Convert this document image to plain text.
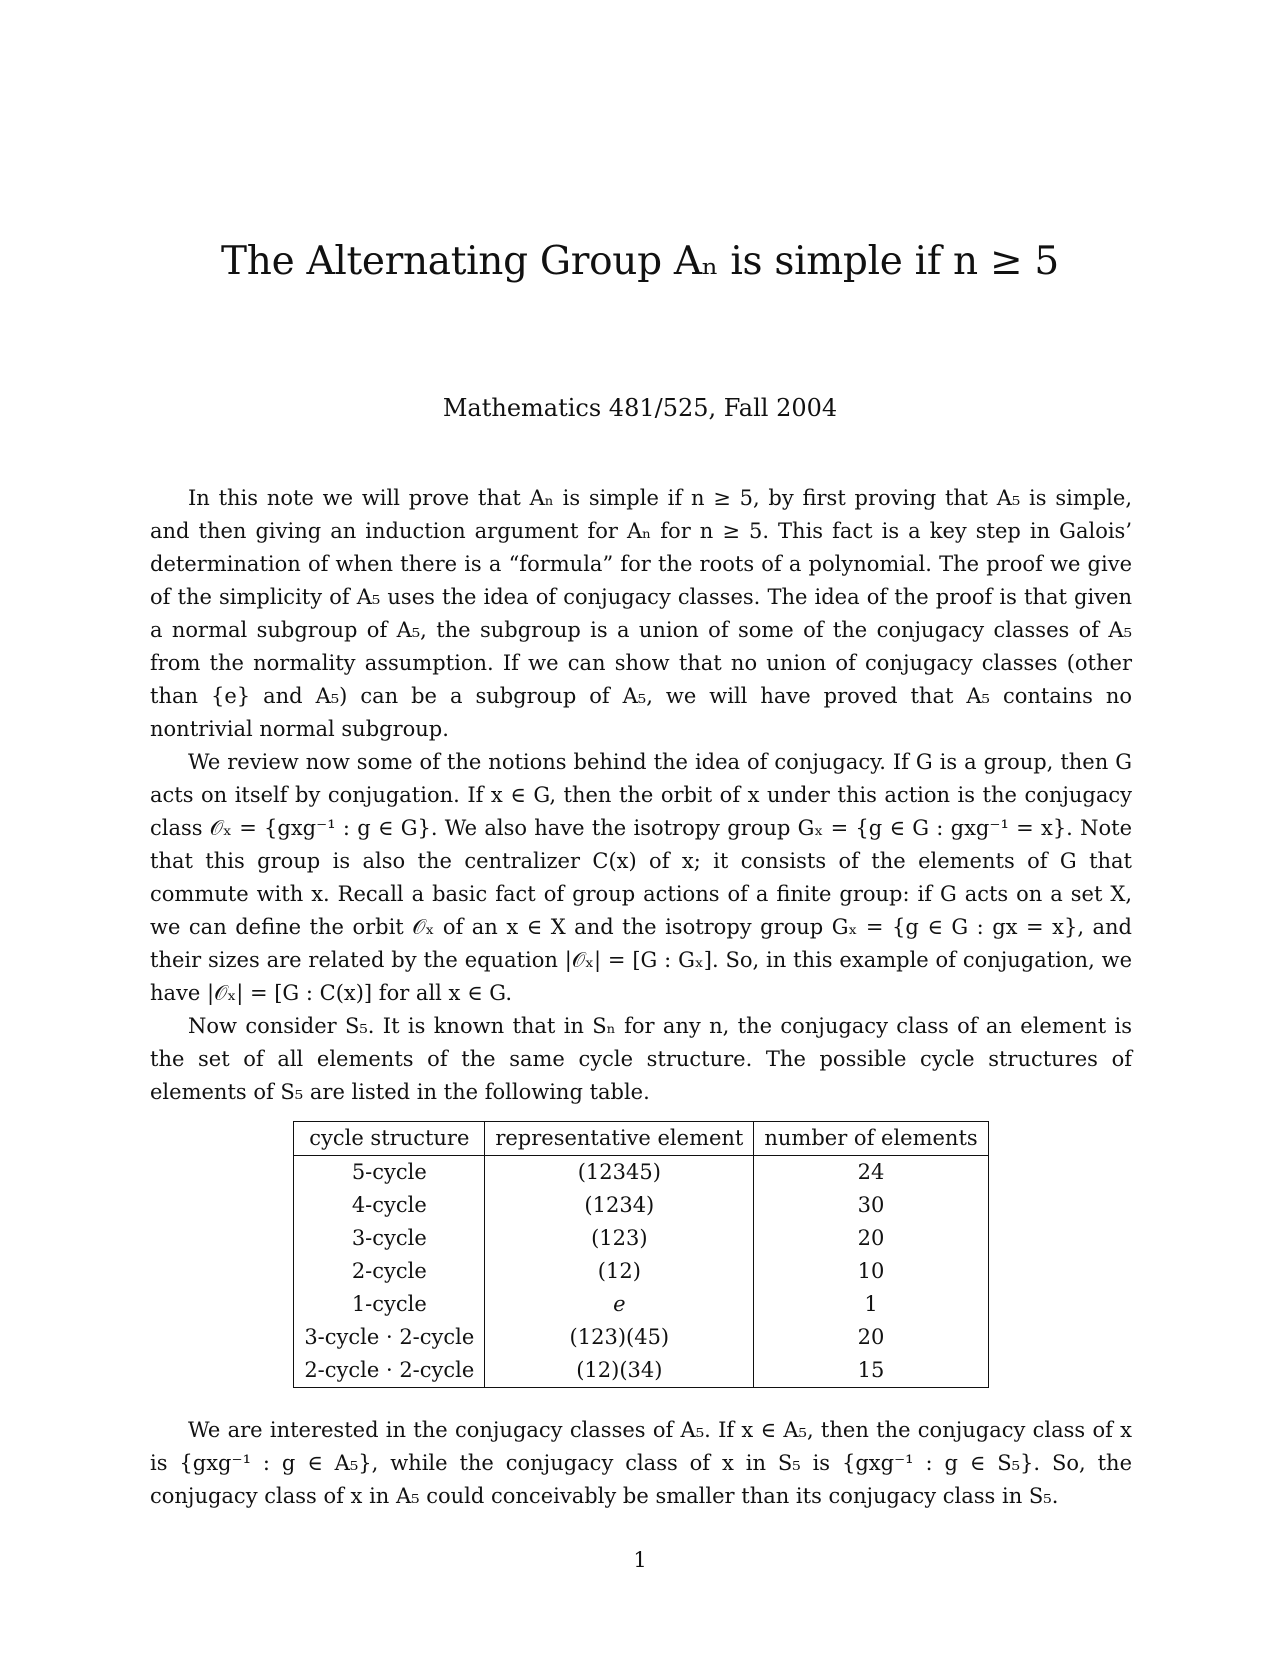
The Alternating Group Aₙ is simple if n ≥ 5
Mathematics 481/525, Fall 2004

In this note we will prove that Aₙ is simple if n ≥ 5, by first proving that A₅ is simple, and then giving an induction argument for Aₙ for n ≥ 5. This fact is a key step in Galois’ determination of when there is a “formula” for the roots of a polynomial. The proof we give of the simplicity of A₅ uses the idea of conjugacy classes. The idea of the proof is that given a normal subgroup of A₅, the subgroup is a union of some of the conjugacy classes of A₅ from the normality assumption. If we can show that no union of conjugacy classes (other than {e} and A₅) can be a subgroup of A₅, we will have proved that A₅ contains no nontrivial normal subgroup.

We review now some of the notions behind the idea of conjugacy. If G is a group, then G acts on itself by conjugation. If x ∈ G, then the orbit of x under this action is the conjugacy class 𝒪ₓ = {gxg⁻¹ : g ∈ G}. We also have the isotropy group Gₓ = {g ∈ G : gxg⁻¹ = x}. Note that this group is also the centralizer C(x) of x; it consists of the elements of G that commute with x. Recall a basic fact of group actions of a finite group: if G acts on a set X, we can define the orbit 𝒪ₓ of an x ∈ X and the isotropy group Gₓ = {g ∈ G : gx = x}, and their sizes are related by the equation |𝒪ₓ| = [G : Gₓ]. So, in this example of conjugation, we have |𝒪ₓ| = [G : C(x)] for all x ∈ G.

Now consider S₅. It is known that in Sₙ for any n, the conjugacy class of an element is the set of all elements of the same cycle structure. The possible cycle structures of elements of S₅ are listed in the following table.

cycle structure	representative element	number of elements
5-cycle	(12345)	24
4-cycle	(1234)	30
3-cycle	(123)	20
2-cycle	(12)	10
1-cycle	e	1
3-cycle · 2-cycle	(123)(45)	20
2-cycle · 2-cycle	(12)(34)	15

We are interested in the conjugacy classes of A₅. If x ∈ A₅, then the conjugacy class of x is {gxg⁻¹ : g ∈ A₅}, while the conjugacy class of x in S₅ is {gxg⁻¹ : g ∈ S₅}. So, the conjugacy class of x in A₅ could conceivably be smaller than its conjugacy class in S₅.

1
